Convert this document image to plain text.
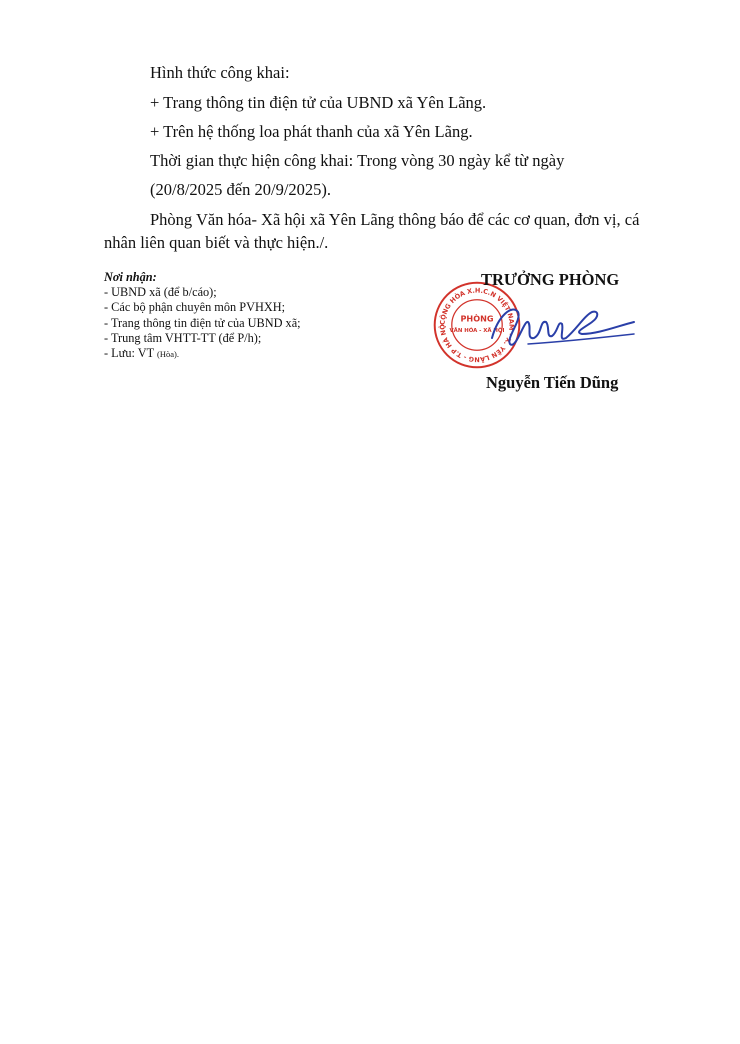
Hình thức công khai:

+ Trang thông tin điện tử của UBND xã Yên Lãng.

+ Trên hệ thống loa phát thanh của xã Yên Lãng.

Thời gian thực hiện công khai: Trong vòng 30 ngày kể từ ngày

(20/8/2025 đến 20/9/2025).

Phòng Văn hóa- Xã hội xã Yên Lãng thông báo để các cơ quan, đơn vị, cá

nhân liên quan biết và thực hiện./.

Nơi nhận:
- UBND xã (để b/cáo);
- Các bộ phận chuyên môn PVHXH;
- Trang thông tin điện tử của UBND xã;
- Trung tâm VHTT-TT (để P/h);
- Lưu: VT (Hòa).
CỘNG HÒA X.H.C.N VIỆT NAM · X. YÊN LÃNG - T.P HÀ NỘ
PHÒNG
VĂN HÓA - XÃ HỘI
TRƯỞNG PHÒNG
Nguyễn Tiến Dũng
